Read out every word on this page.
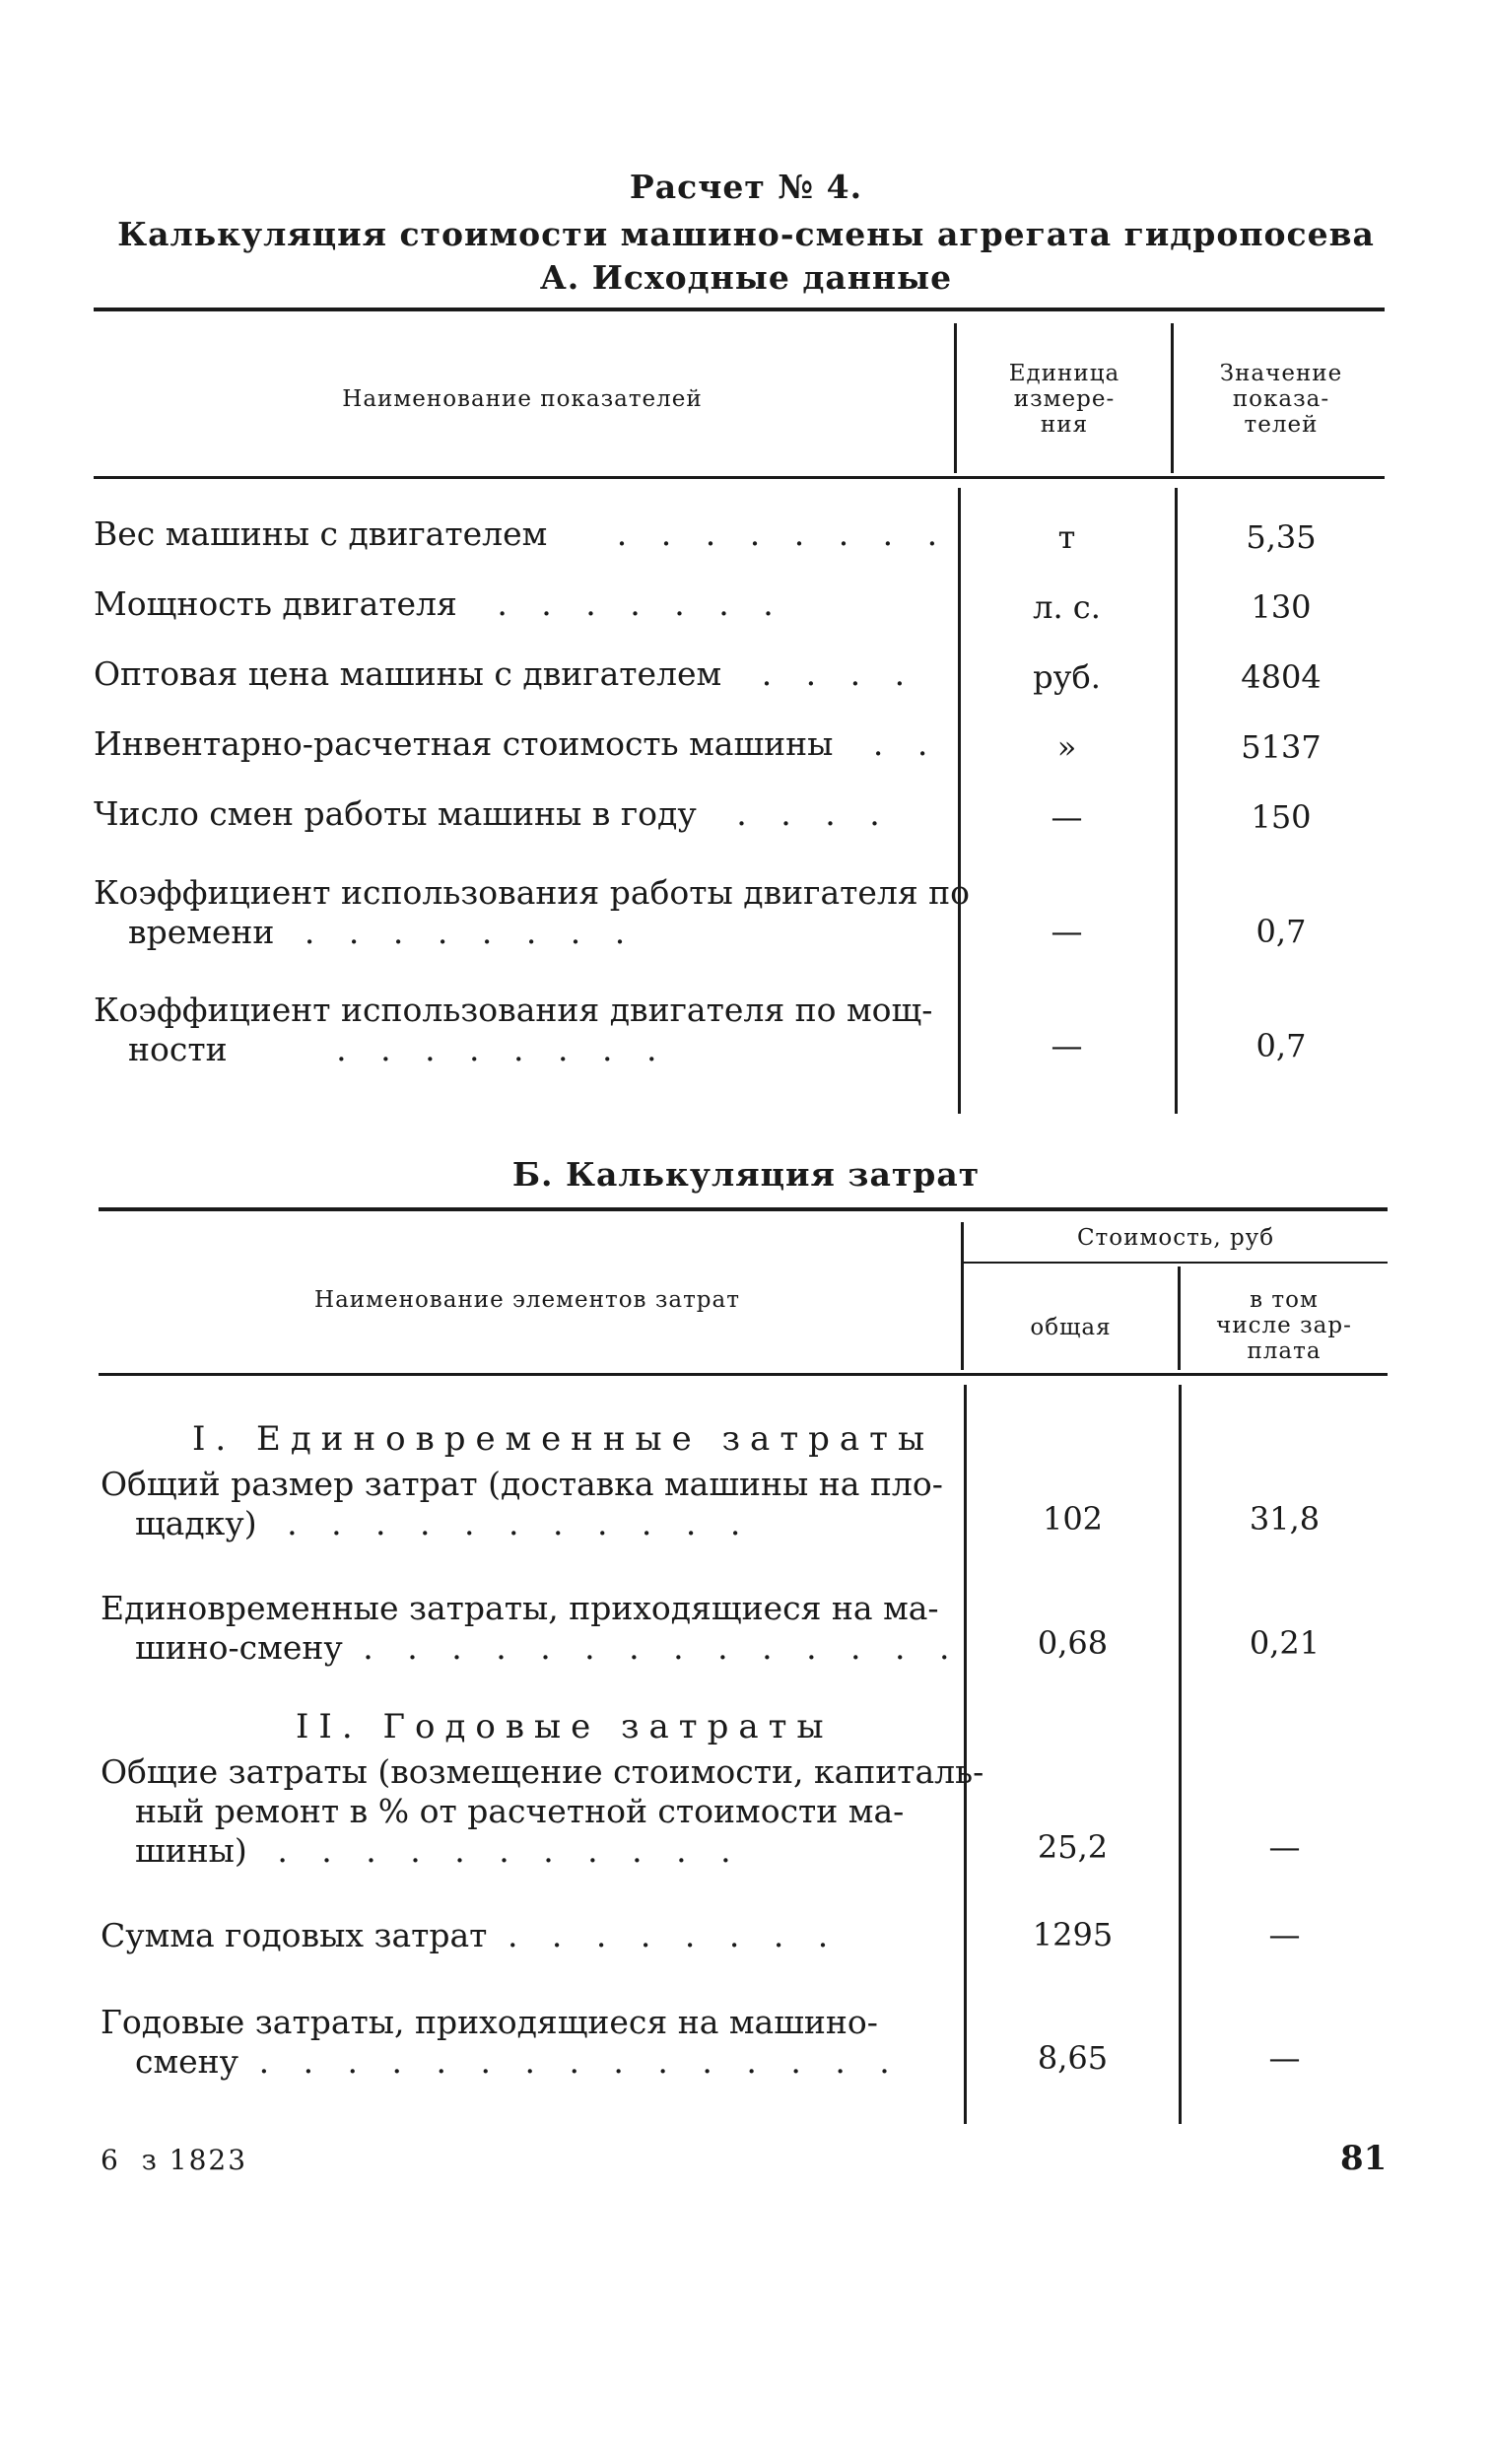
Расчет № 4.
Калькуляция стоимости машино-смены агрегата гидропосева
А. Исходные данные
Наименование показателей
Единица
измере-
ния
Значение
показа-
телей
Вес машины с двигателем . . . . . . . .	т	5,35
Мощность двигателя . . . . . . .	л. с.	130
Оптовая цена машины с двигателем . . . .	руб.	4804
Инвентарно-расчетная стоимость машины . .	»	5137
Число смен работы машины в году . . . .	—	150
Коэффициент использования работы двигателя по
времени . . . . . . . .	—	0,7
Коэффициент использования двигателя по мощ-
ности	. . . . . . . .	—	0,7
Б. Калькуляция затрат
Наименование элементов затрат
Стоимость, руб
общая
в том
числе зар-
плата
I. Единовременные затраты
Общий размер затрат (доставка машины на пло-
щадку) . . . . . . . . . . .	102	31,8
Единовременные затраты, приходящиеся на ма-
шино-смену . . . . . . . . . . . . . .	0,68	0,21
II. Годовые затраты
Общие затраты (возмещение стоимости, капиталь-
ный ремонт в % от расчетной стоимости ма-
шины) . . . . . . . . . . .	25,2	—
Сумма годовых затрат . . . . . . . .	1295	—
Годовые затраты, приходящиеся на машино-
смену . . . . . . . . . . . . . . .	8,65	—
6  з 1823	81
